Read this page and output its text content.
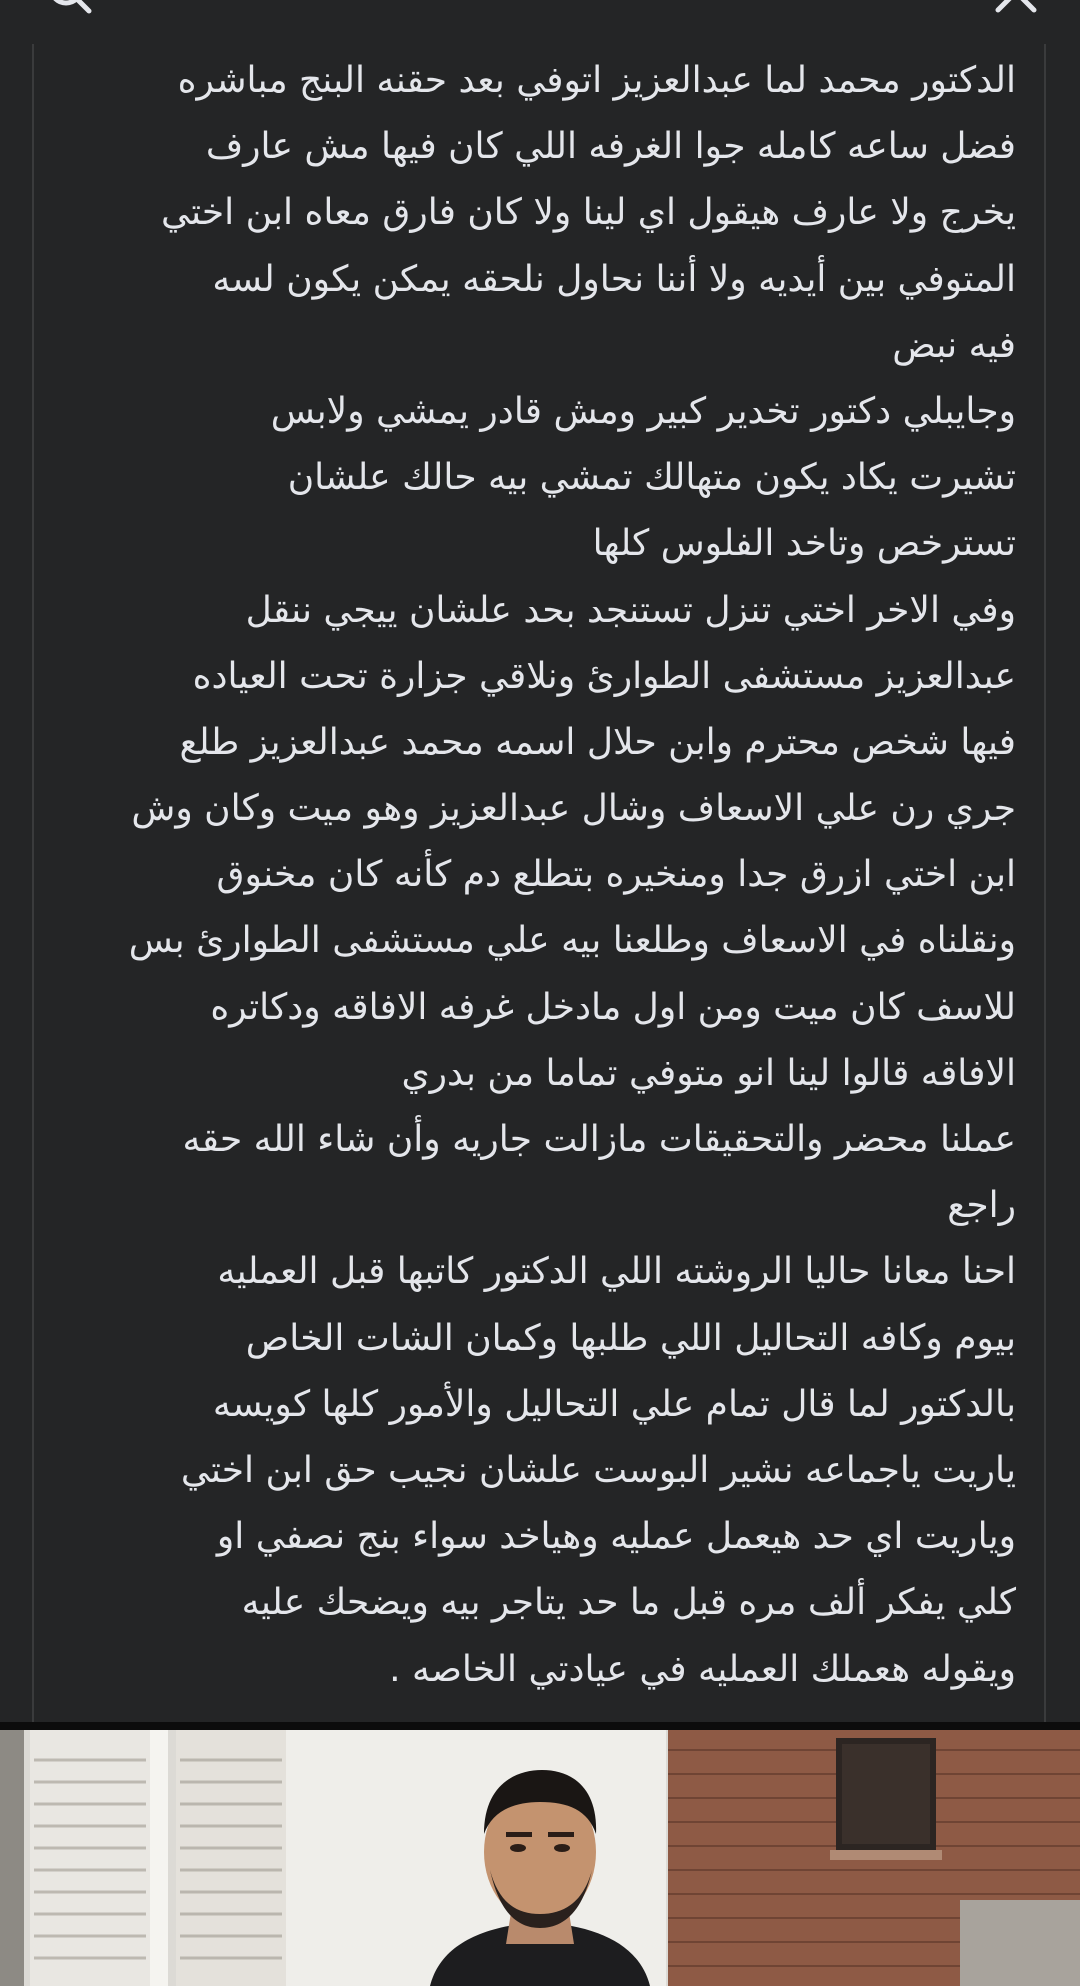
الدكتور محمد لما عبدالعزيز اتوفي بعد حقنه البنج مباشره
فضل ساعه كامله جوا الغرفه اللي كان فيها مش عارف
يخرج ولا عارف هيقول اي لينا ولا كان فارق معاه ابن اختي
المتوفي بين أيديه ولا أننا نحاول نلحقه يمكن يكون لسه
فيه نبض
وجايبلي دكتور تخدير كبير ومش قادر يمشي ولابس
تشيرت يكاد يكون متهالك تمشي بيه حالك علشان
تسترخص وتاخد الفلوس كلها
وفي الاخر اختي تنزل تستنجد بحد علشان ييجي ننقل
عبدالعزيز مستشفى الطوارئ ونلاقي جزارة تحت العياده
فيها شخص محترم وابن حلال اسمه محمد عبدالعزيز طلع
جري رن علي الاسعاف وشال عبدالعزيز وهو ميت وكان وش
ابن اختي ازرق جدا ومنخيره بتطلع دم كأنه كان مخنوق
ونقلناه في الاسعاف وطلعنا بيه علي مستشفى الطوارئ بس
للاسف كان ميت ومن اول مادخل غرفه الافاقه ودكاتره
الافاقه قالوا لينا انو متوفي تماما من بدري
عملنا محضر والتحقيقات مازالت جاريه وأن شاء الله حقه
راجع
احنا معانا حاليا الروشته اللي الدكتور كاتبها قبل العمليه
بيوم وكافه التحاليل اللي طلبها وكمان الشات الخاص
بالدكتور لما قال تمام علي التحاليل والأمور كلها كويسه
ياريت ياجماعه نشير البوست علشان نجيب حق ابن اختي
وياريت اي حد هيعمل عمليه وهياخد سواء بنج نصفي او
كلي يفكر ألف مره قبل ما حد يتاجر بيه ويضحك عليه
ويقوله هعملك العمليه في عيادتي الخاصه .
